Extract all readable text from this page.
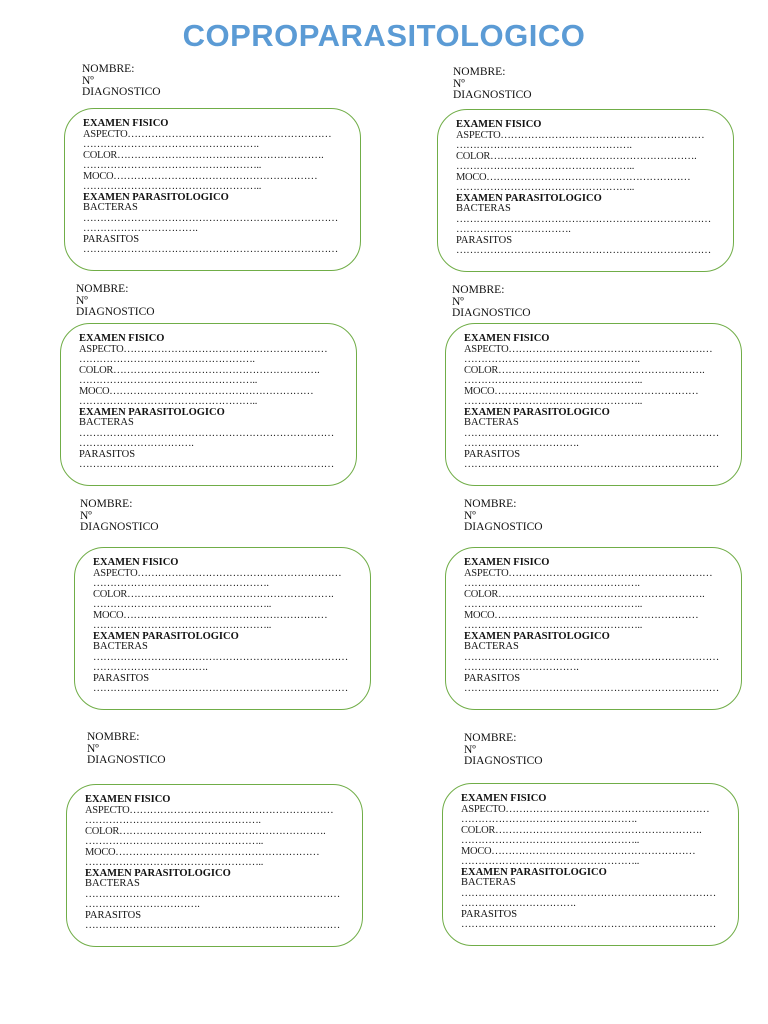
COPROPARASITOLOGICO
NOMBRE:
Nº
DIAGNOSTICO
EXAMEN FISICO
ASPECTO……………………………………………………
…………………………………………….
COLOR…………………………………………………….
……………………………………………..
MOCO……………………………………………………
……………………………………………..
EXAMEN PARASITOLOGICO
BACTERAS
…………………………………………………………………
…………………………….
PARASITOS
…………………………………………………………………
NOMBRE:
Nº
DIAGNOSTICO
EXAMEN FISICO
ASPECTO……………………………………………………
…………………………………………….
COLOR…………………………………………………….
……………………………………………..
MOCO……………………………………………………
……………………………………………..
EXAMEN PARASITOLOGICO
BACTERAS
…………………………………………………………………
…………………………….
PARASITOS
…………………………………………………………………
NOMBRE:
Nº
DIAGNOSTICO
EXAMEN FISICO
ASPECTO……………………………………………………
…………………………………………….
COLOR…………………………………………………….
……………………………………………..
MOCO……………………………………………………
……………………………………………..
EXAMEN PARASITOLOGICO
BACTERAS
…………………………………………………………………
…………………………….
PARASITOS
…………………………………………………………………
NOMBRE:
Nº
DIAGNOSTICO
EXAMEN FISICO
ASPECTO……………………………………………………
…………………………………………….
COLOR…………………………………………………….
……………………………………………..
MOCO……………………………………………………
……………………………………………..
EXAMEN PARASITOLOGICO
BACTERAS
…………………………………………………………………
…………………………….
PARASITOS
…………………………………………………………………
NOMBRE:
Nº
DIAGNOSTICO
EXAMEN FISICO
ASPECTO……………………………………………………
…………………………………………….
COLOR…………………………………………………….
……………………………………………..
MOCO……………………………………………………
……………………………………………..
EXAMEN PARASITOLOGICO
BACTERAS
…………………………………………………………………
…………………………….
PARASITOS
…………………………………………………………………
NOMBRE:
Nº
DIAGNOSTICO
EXAMEN FISICO
ASPECTO……………………………………………………
…………………………………………….
COLOR…………………………………………………….
……………………………………………..
MOCO……………………………………………………
……………………………………………..
EXAMEN PARASITOLOGICO
BACTERAS
…………………………………………………………………
…………………………….
PARASITOS
…………………………………………………………………
NOMBRE:
Nº
DIAGNOSTICO
EXAMEN FISICO
ASPECTO……………………………………………………
…………………………………………….
COLOR…………………………………………………….
……………………………………………..
MOCO……………………………………………………
……………………………………………..
EXAMEN PARASITOLOGICO
BACTERAS
…………………………………………………………………
…………………………….
PARASITOS
…………………………………………………………………
NOMBRE:
Nº
DIAGNOSTICO
EXAMEN FISICO
ASPECTO……………………………………………………
…………………………………………….
COLOR…………………………………………………….
……………………………………………..
MOCO……………………………………………………
……………………………………………..
EXAMEN PARASITOLOGICO
BACTERAS
…………………………………………………………………
…………………………….
PARASITOS
…………………………………………………………………
